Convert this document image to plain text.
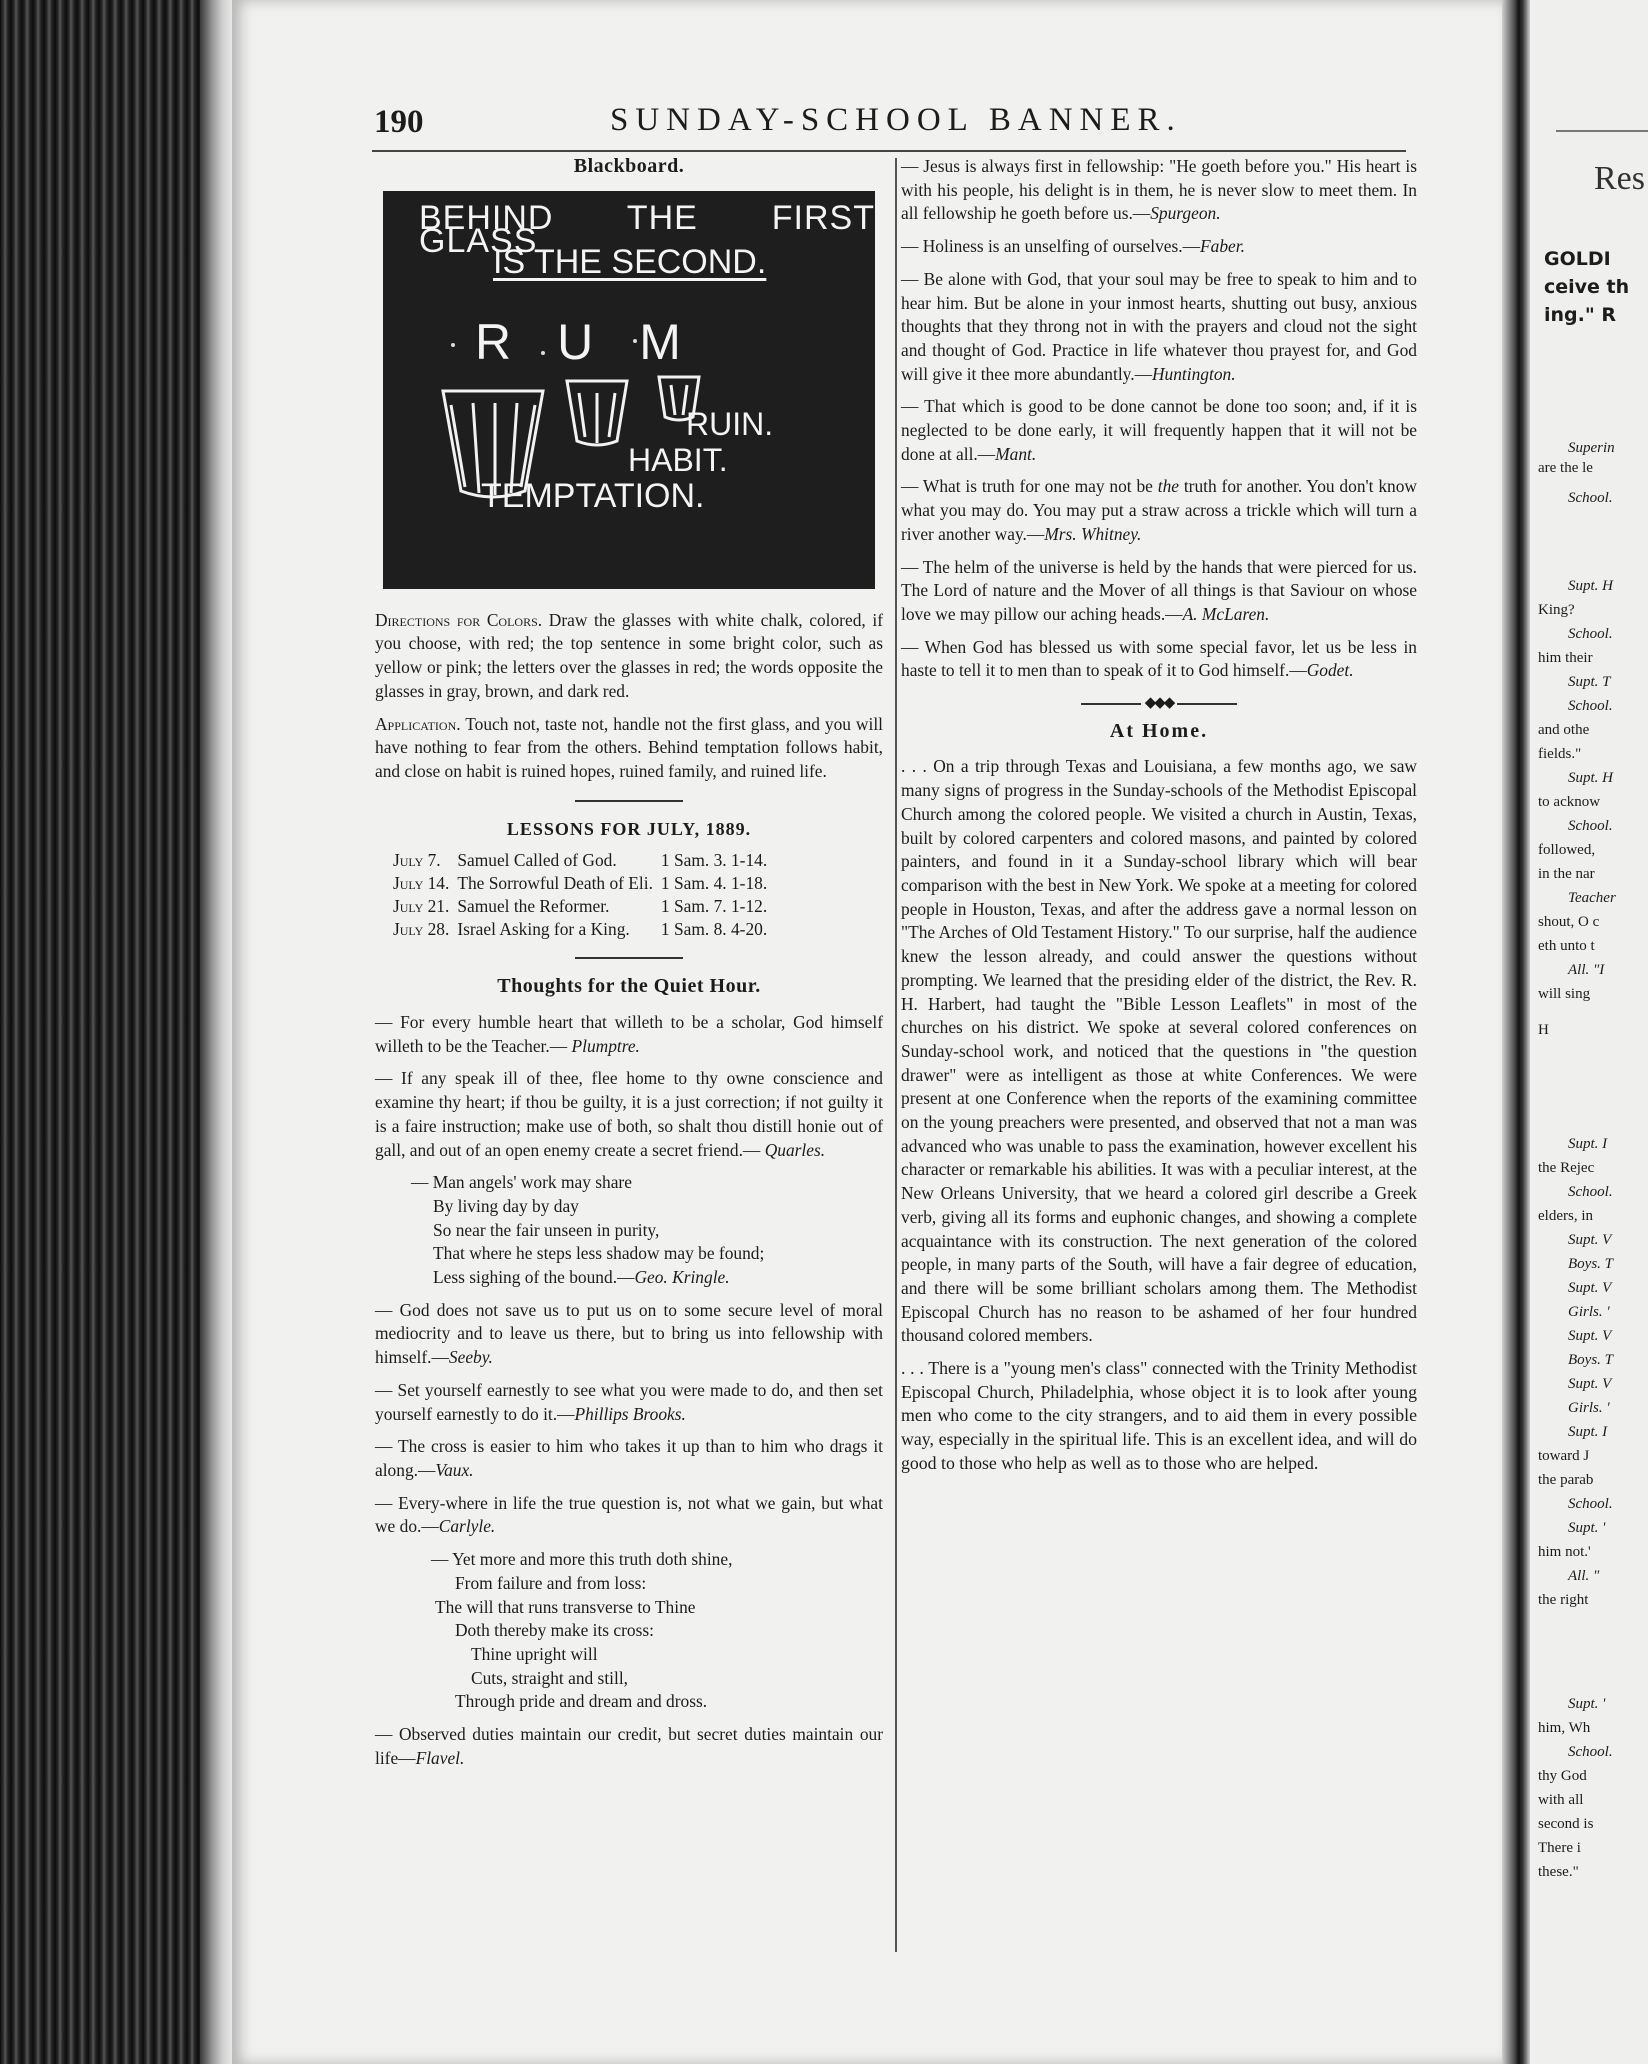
Res
GOLDI
ceive th
ing." R
Superin
are the le
School.
Supt. H
King?
School.
him their
Supt. T
School.
and othe
fields."
Supt. H
to acknow
School.
followed,
in the nar
Teacher
shout, O c
eth unto t
All. "I
will sing
H
Supt. I
the Rejec
School.
elders, in
Supt. V
Boys. T
Supt. V
Girls. '
Supt. V
Boys. T
Supt. V
Girls. '
Supt. I
toward J
the parab
School.
Supt. '
him not.'
All. "
the right
Supt. '
him, Wh
School.
thy God
with all
second is
There i
these."
190	SUNDAY-SCHOOL BANNER.
Blackboard.
BEHIND THE FIRST GLASS
IS THE SECOND.
RUM
RUIN.
HABIT.
TEMPTATION.

Directions for Colors. Draw the glasses with white chalk, colored, if you choose, with red; the top sentence in some bright color, such as yellow or pink; the letters over the glasses in red; the words opposite the glasses in gray, brown, and dark red.

Application. Touch not, taste not, handle not the first glass, and you will have nothing to fear from the others. Behind temptation follows habit, and close on habit is ruined hopes, ruined family, and ruined life.

LESSONS FOR JULY, 1889.
July 7.	Samuel Called of God.	1 Sam. 3. 1-14.
July 14.	The Sorrowful Death of Eli.	1 Sam. 4. 1-18.
July 21.	Samuel the Reformer.	1 Sam. 7. 1-12.
July 28.	Israel Asking for a King.	1 Sam. 8. 4-20.
Thoughts for the Quiet Hour.

— For every humble heart that willeth to be a scholar, God himself willeth to be the Teacher.— Plumptre.

— If any speak ill of thee, flee home to thy owne conscience and examine thy heart; if thou be guilty, it is a just correction; if not guilty it is a faire instruction; make use of both, so shalt thou distill honie out of gall, and out of an open enemy create a secret friend.— Quarles.

— Man angels' work may share
By living day by day
So near the fair unseen in purity,
That where he steps less shadow may be found;
Less sighing of the bound.—Geo. Kringle.

— God does not save us to put us on to some secure level of moral mediocrity and to leave us there, but to bring us into fellowship with himself.—Seeby.

— Set yourself earnestly to see what you were made to do, and then set yourself earnestly to do it.—Phillips Brooks.

— The cross is easier to him who takes it up than to him who drags it along.—Vaux.

— Every-where in life the true question is, not what we gain, but what we do.—Carlyle.

— Yet more and more this truth doth shine,
From failure and from loss:
The will that runs transverse to Thine
Doth thereby make its cross:
Thine upright will
Cuts, straight and still,
Through pride and dream and dross.

— Observed duties maintain our credit, but secret duties maintain our life—Flavel.

— Jesus is always first in fellowship: "He goeth before you." His heart is with his people, his delight is in them, he is never slow to meet them. In all fellowship he goeth before us.—Spurgeon.

— Holiness is an unselfing of ourselves.—Faber.

— Be alone with God, that your soul may be free to speak to him and to hear him. But be alone in your inmost hearts, shutting out busy, anxious thoughts that they throng not in with the prayers and cloud not the sight and thought of God. Practice in life whatever thou prayest for, and God will give it thee more abundantly.—Huntington.

— That which is good to be done cannot be done too soon; and, if it is neglected to be done early, it will frequently happen that it will not be done at all.—Mant.

— What is truth for one may not be the truth for another. You don't know what you may do. You may put a straw across a trickle which will turn a river another way.—Mrs. Whitney.

— The helm of the universe is held by the hands that were pierced for us. The Lord of nature and the Mover of all things is that Saviour on whose love we may pillow our aching heads.—A. McLaren.

— When God has blessed us with some special favor, let us be less in haste to tell it to men than to speak of it to God himself.—Godet.

◆◆◆
At Home.

. . . On a trip through Texas and Louisiana, a few months ago, we saw many signs of progress in the Sunday-schools of the Methodist Episcopal Church among the colored people. We visited a church in Austin, Texas, built by colored carpenters and colored masons, and painted by colored painters, and found in it a Sunday-school library which will bear comparison with the best in New York. We spoke at a meeting for colored people in Houston, Texas, and after the address gave a normal lesson on "The Arches of Old Testament History." To our surprise, half the audience knew the lesson already, and could answer the questions without prompting. We learned that the presiding elder of the district, the Rev. R. H. Harbert, had taught the "Bible Lesson Leaflets" in most of the churches on his district. We spoke at several colored conferences on Sunday-school work, and noticed that the questions in "the question drawer" were as intelligent as those at white Conferences. We were present at one Conference when the reports of the examining committee on the young preachers were presented, and observed that not a man was advanced who was unable to pass the examination, however excellent his character or remarkable his abilities. It was with a peculiar interest, at the New Orleans University, that we heard a colored girl describe a Greek verb, giving all its forms and euphonic changes, and showing a complete acquaintance with its construction. The next generation of the colored people, in many parts of the South, will have a fair degree of education, and there will be some brilliant scholars among them. The Methodist Episcopal Church has no reason to be ashamed of her four hundred thousand colored members.

. . . There is a "young men's class" connected with the Trinity Methodist Episcopal Church, Philadelphia, whose object it is to look after young men who come to the city strangers, and to aid them in every possible way, especially in the spiritual life. This is an excellent idea, and will do good to those who help as well as to those who are helped.
